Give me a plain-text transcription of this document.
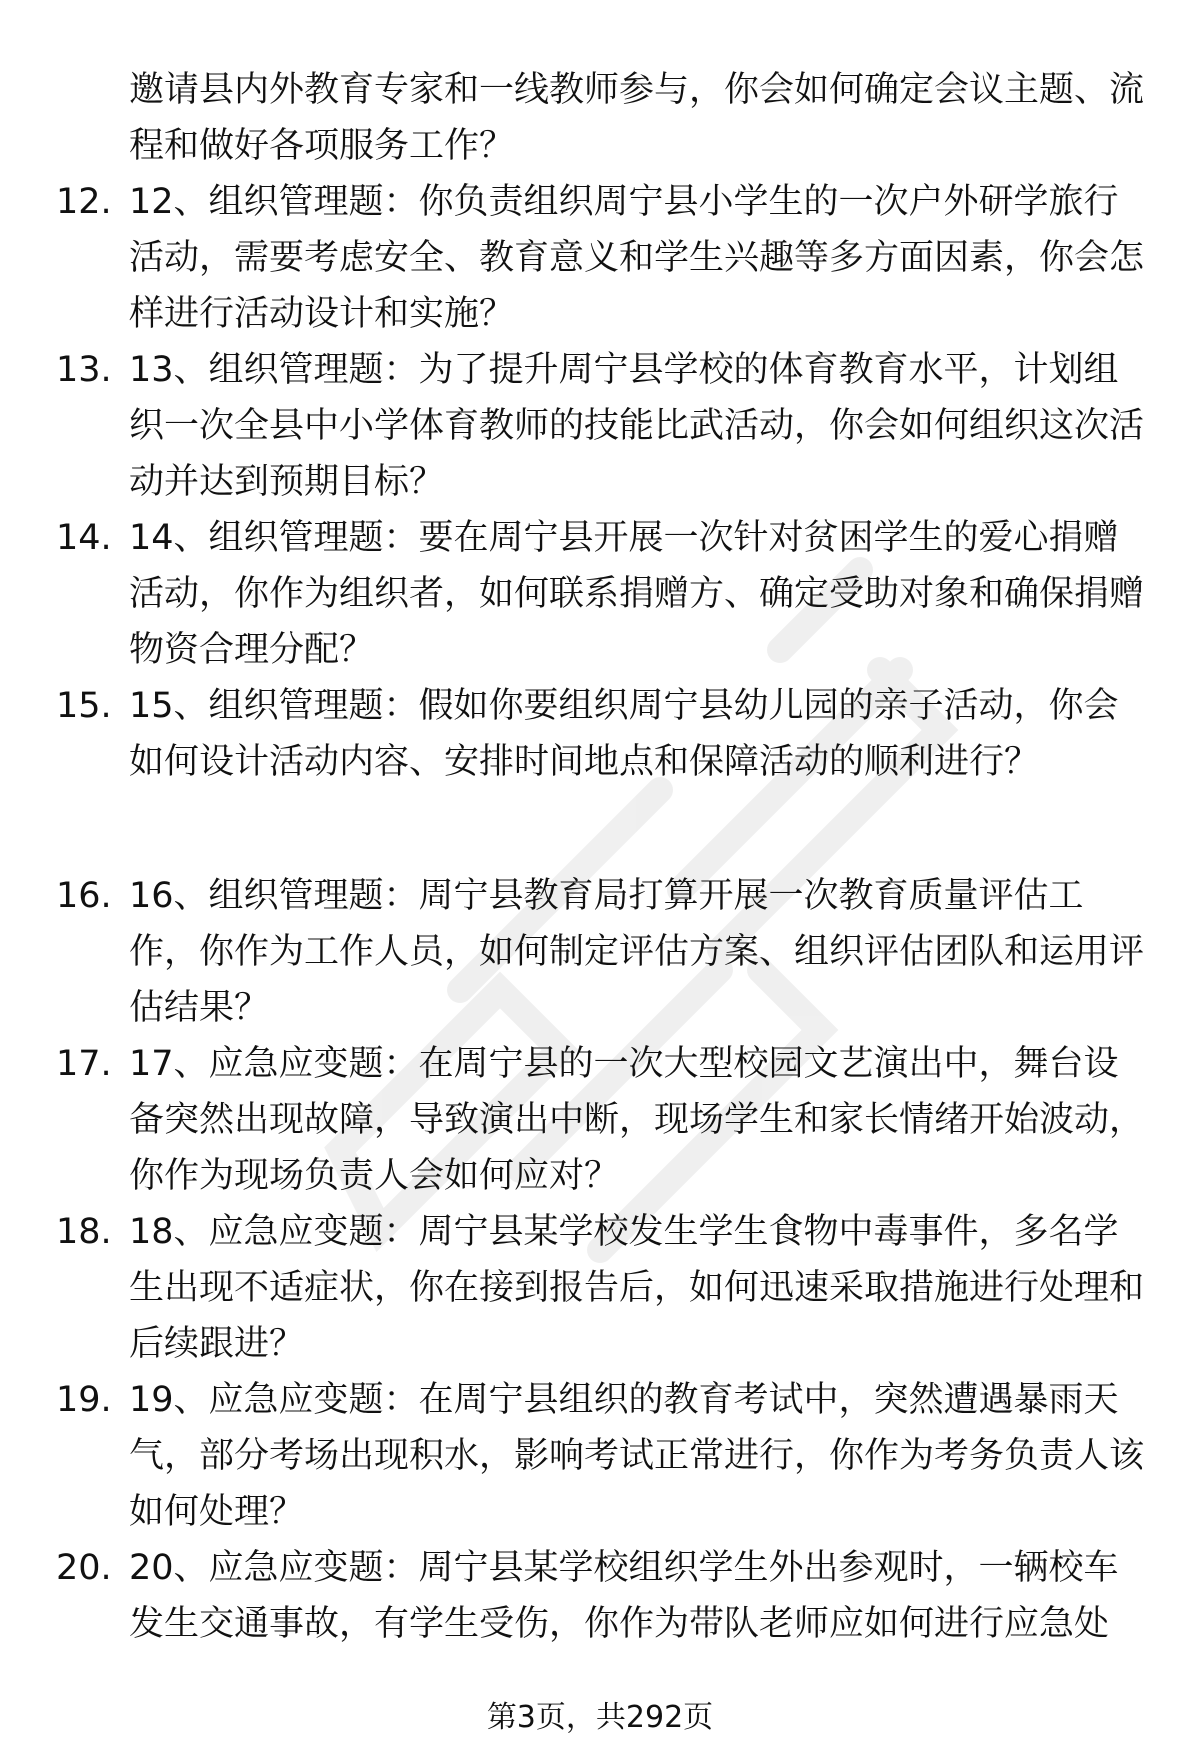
邀请县内外教育专家和一线教师参与，你会如何确定会议主题、流程和做好各项服务工作？
12. 12、组织管理题：你负责组织周宁县小学生的一次户外研学旅行活动，需要考虑安全、教育意义和学生兴趣等多方面因素，你会怎样进行活动设计和实施？
13. 13、组织管理题：为了提升周宁县学校的体育教育水平，计划组织一次全县中小学体育教师的技能比武活动，你会如何组织这次活动并达到预期目标？
14. 14、组织管理题：要在周宁县开展一次针对贫困学生的爱心捐赠活动，你作为组织者，如何联系捐赠方、确定受助对象和确保捐赠物资合理分配？
15. 15、组织管理题：假如你要组织周宁县幼儿园的亲子活动，你会如何设计活动内容、安排时间地点和保障活动的顺利进行？
16. 16、组织管理题：周宁县教育局打算开展一次教育质量评估工作，你作为工作人员，如何制定评估方案、组织评估团队和运用评估结果？
17. 17、应急应变题：在周宁县的一次大型校园文艺演出中，舞台设备突然出现故障，导致演出中断，现场学生和家长情绪开始波动，你作为现场负责人会如何应对？
18. 18、应急应变题：周宁县某学校发生学生食物中毒事件，多名学生出现不适症状，你在接到报告后，如何迅速采取措施进行处理和后续跟进？
19. 19、应急应变题：在周宁县组织的教育考试中，突然遭遇暴雨天气，部分考场出现积水，影响考试正常进行，你作为考务负责人该如何处理？
20. 20、应急应变题：周宁县某学校组织学生外出参观时，一辆校车发生交通事故，有学生受伤，你作为带队老师应如何进行应急处
第3页，共292页
